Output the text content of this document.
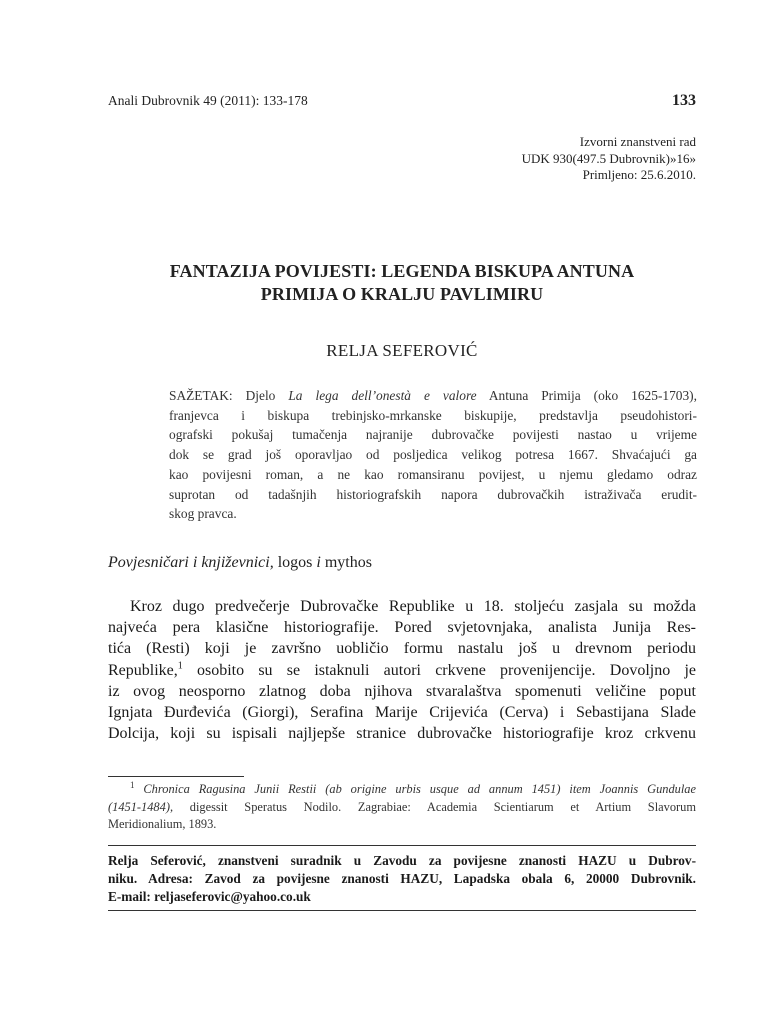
Anali Dubrovnik 49 (2011): 133-178	133
Izvorni znanstveni rad
UDK 930(497.5 Dubrovnik)»16»
Primljeno: 25.6.2010.
FANTAZIJA POVIJESTI: LEGENDA BISKUPA ANTUNA
PRIMIJA O KRALJU PAVLIMIRU
RELJA SEFEROVIĆ
SAŽETAK: Djelo La lega dell’onestà e valore Antuna Primija (oko 1625-1703),
franjevca i biskupa trebinjsko-mrkanske biskupije, predstavlja pseudohistori-
ografski pokušaj tumačenja najranije dubrovačke povijesti nastao u vrijeme
dok se grad još oporavljao od posljedica velikog potresa 1667. Shvaćajući ga
kao povijesni roman, a ne kao romansiranu povijest, u njemu gledamo odraz
suprotan od tadašnjih historiografskih napora dubrovačkih istraživača erudit-
skog pravca.
Povjesničari i književnici, logos i mythos
Kroz dugo predvečerje Dubrovačke Republike u 18. stoljeću zasjala su možda
najveća pera klasične historiografije. Pored svjetovnjaka, analista Junija Res-
tića (Resti) koji je završno uobličio formu nastalu još u drevnom periodu
Republike,$^1$ osobito su se istaknuli autori crkvene provenijencije. Dovoljno je
iz ovog neosporno zlatnog doba njihova stvaralaštva spomenuti veličine poput
Ignjata Đurđevića (Giorgi), Serafina Marije Crijevića (Cerva) i Sebastijana Slade
Dolcija, koji su ispisali najljepše stranice dubrovačke historiografije kroz crkvenu
$^1$ Chronica Ragusina Junii Restii (ab origine urbis usque ad annum 1451) item Joannis Gundulae
(1451-1484), digessit Speratus Nodilo. Zagrabiae: Academia Scientiarum et Artium Slavorum
Meridionalium, 1893.
Relja Seferović, znanstveni suradnik u Zavodu za povijesne znanosti HAZU u Dubrov-
niku. Adresa: Zavod za povijesne znanosti HAZU, Lapadska obala 6, 20000 Dubrovnik.
E-mail: reljaseferovic@yahoo.co.uk
